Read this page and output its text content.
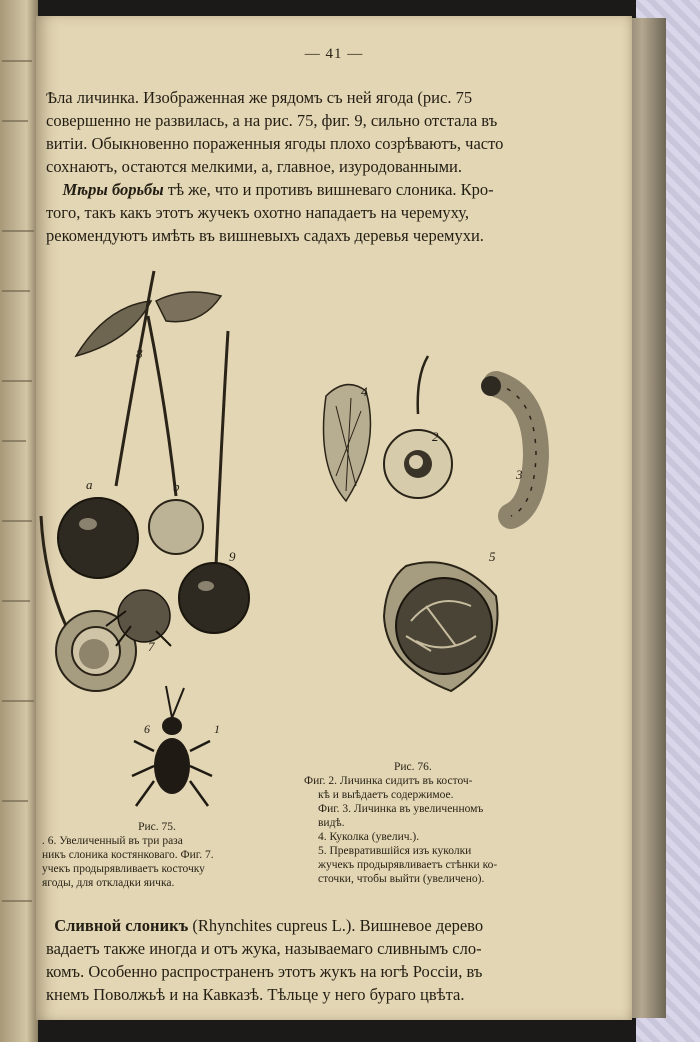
— 41 —
Ѣла личинка. Изображенная же рядомъ съ ней ягода (рис. 75
совершенно не развилась, а на рис. 75, фиг. 9, сильно отстала въ
витіи. Обыкновенно пораженныя ягоды плохо созрѣваютъ, часто
сохнаютъ, остаются мелкими, а, главное, изуродованными.
Мѣры борьбы тѣ же, что и противъ вишневаго слоника. Кро-
тогo, такъ какъ этотъ жучекъ охотно нападаетъ на черемуху,
рекомендуютъ имѣть въ вишневыхъ садахъ деревья черемухи.
8
a	b
9
7
6	1
4
2
3
5
Рис. 75.
. 6. Увеличенный въ три раза
никъ слоника костянковаго. Фиг. 7.
учекъ продырявливаетъ косточку
ягоды, для откладки яичка.
Рис. 76.
Фиг. 2. Личинка сидитъ въ косточ-
кѣ и выѣдаетъ содержимое.
Фиг. 3. Личинка въ увеличенномъ
видѣ.
4. Куколка (увелич.).
5. Превратившійся изъ куколки
жучекъ продырявливаетъ стѣнки ко-
сточки, чтобы выйти (увеличено).
Сливной слоникъ (Rhynchites cupreus L.). Вишневое дерево
вадаетъ также иногда и отъ жука, называемаго сливнымъ сло-
комъ. Особенно распространенъ этотъ жукъ на югѣ Россіи, въ
кнемъ Поволжьѣ и на Кавказѣ. Тѣльце у него бураго цвѣта.
